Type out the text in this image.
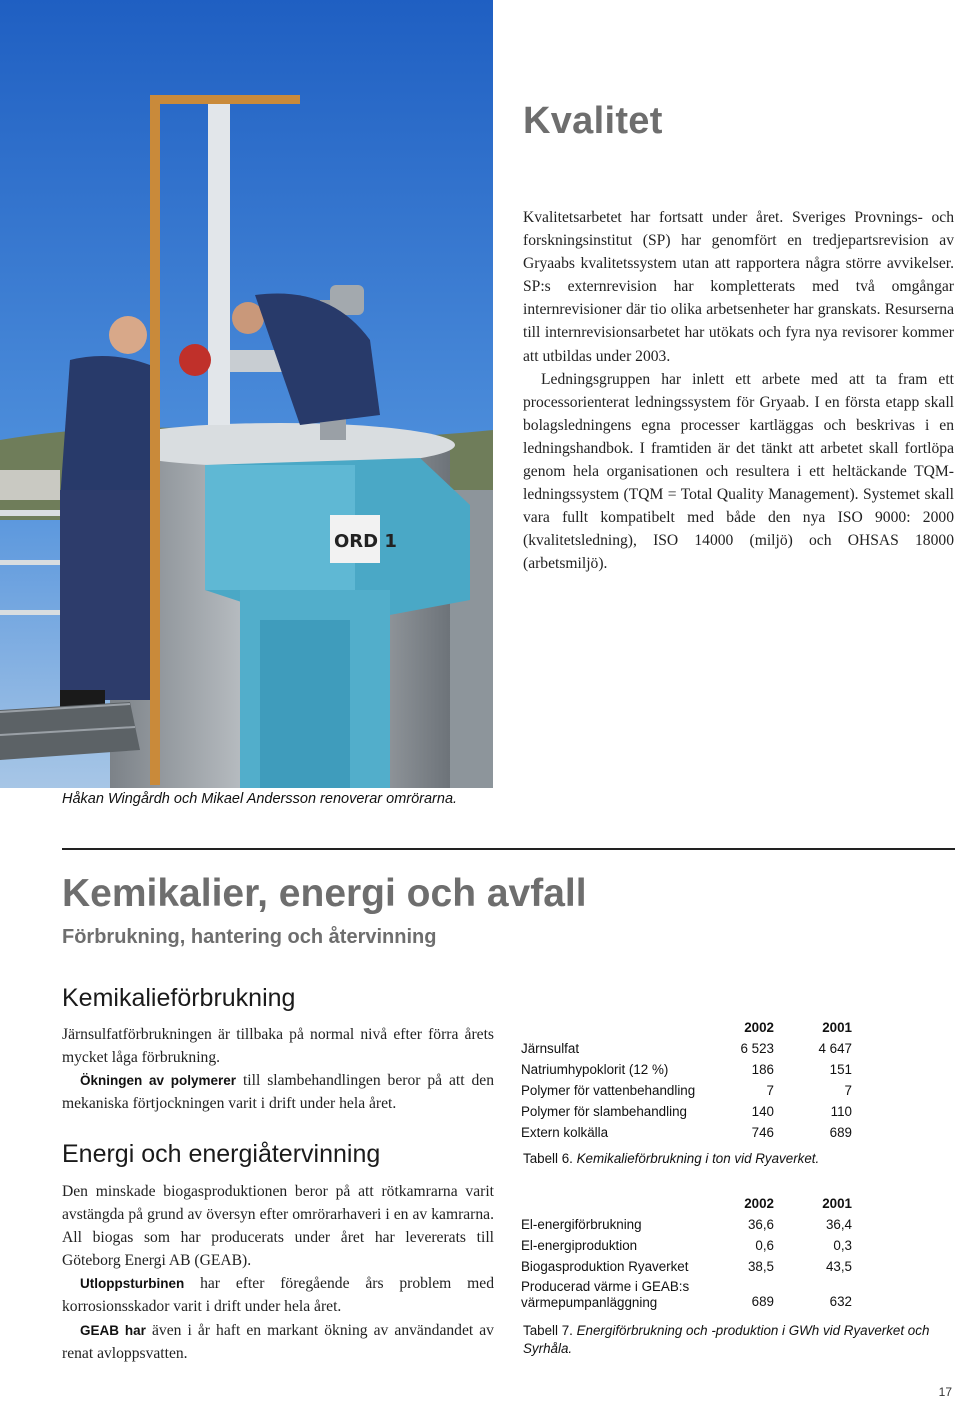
ORD 1
Håkan Wingårdh och Mikael Andersson renoverar omrörarna.
Kvalitet

Kvalitetsarbetet har fortsatt under året. Sveriges Provnings- och forskningsinstitut (SP) har genomfört en tredjepartsrevision av Gryaabs kvalitetssystem utan att rapportera några större avvikelser. SP:s externrevision har kompletterats med två omgångar internrevisioner där tio olika arbetsenheter har granskats. Resurserna till internrevisionsarbetet har utökats och fyra nya revisorer kommer att utbildas under 2003.

Ledningsgruppen har inlett ett arbete med att ta fram ett processorienterat ledningssystem för Gryaab. I en första etapp skall bolagsledningens egna processer kartläggas och beskrivas i en ledningshandbok. I framtiden är det tänkt att arbetet skall fortlöpa genom hela organisationen och resultera i ett heltäckande TQM-ledningssystem (TQM = Total Quality Management). Systemet skall vara fullt kompatibelt med både den nya ISO 9000: 2000 (kvalitetsledning), ISO 14000 (miljö) och OHSAS 18000 (arbetsmiljö).

Kemikalier, energi och avfall
Förbrukning, hantering och återvinning
Kemikalieförbrukning

Järnsulfatförbrukningen är tillbaka på normal nivå efter förra årets mycket låga förbrukning.

Ökningen av polymerer till slambehandlingen beror på att den mekaniska förtjockningen varit i drift under hela året.

Energi och energiåtervinning

Den minskade biogasproduktionen beror på att rötkamrarna varit avstängda på grund av översyn efter omrörarhaveri i en av kamrarna. All biogas som har producerats under året har levererats till Göteborg Energi AB (GEAB).

Utloppsturbinen har efter föregående års problem med korrosionsskador varit i drift under hela året.

GEAB har även i år haft en markant ökning av användandet av renat avloppsvatten.

	2002	2001
Järnsulfat	6 523	4 647
Natriumhypoklorit (12 %)	186	151
Polymer för vattenbehandling	7	7
Polymer för slambehandling	140	110
Extern kolkälla	746	689
Tabell 6. Kemikalieförbrukning i ton vid Ryaverket.
	2002	2001
El-energiförbrukning	36,6	36,4
El-energiproduktion	0,6	0,3
Biogasproduktion Ryaverket	38,5	43,5
Producerad värme i GEAB:s värmepumpanläggning	689	632
Tabell 7. Energiförbrukning och -produktion i GWh vid Ryaverket och Syrhåla.
17
